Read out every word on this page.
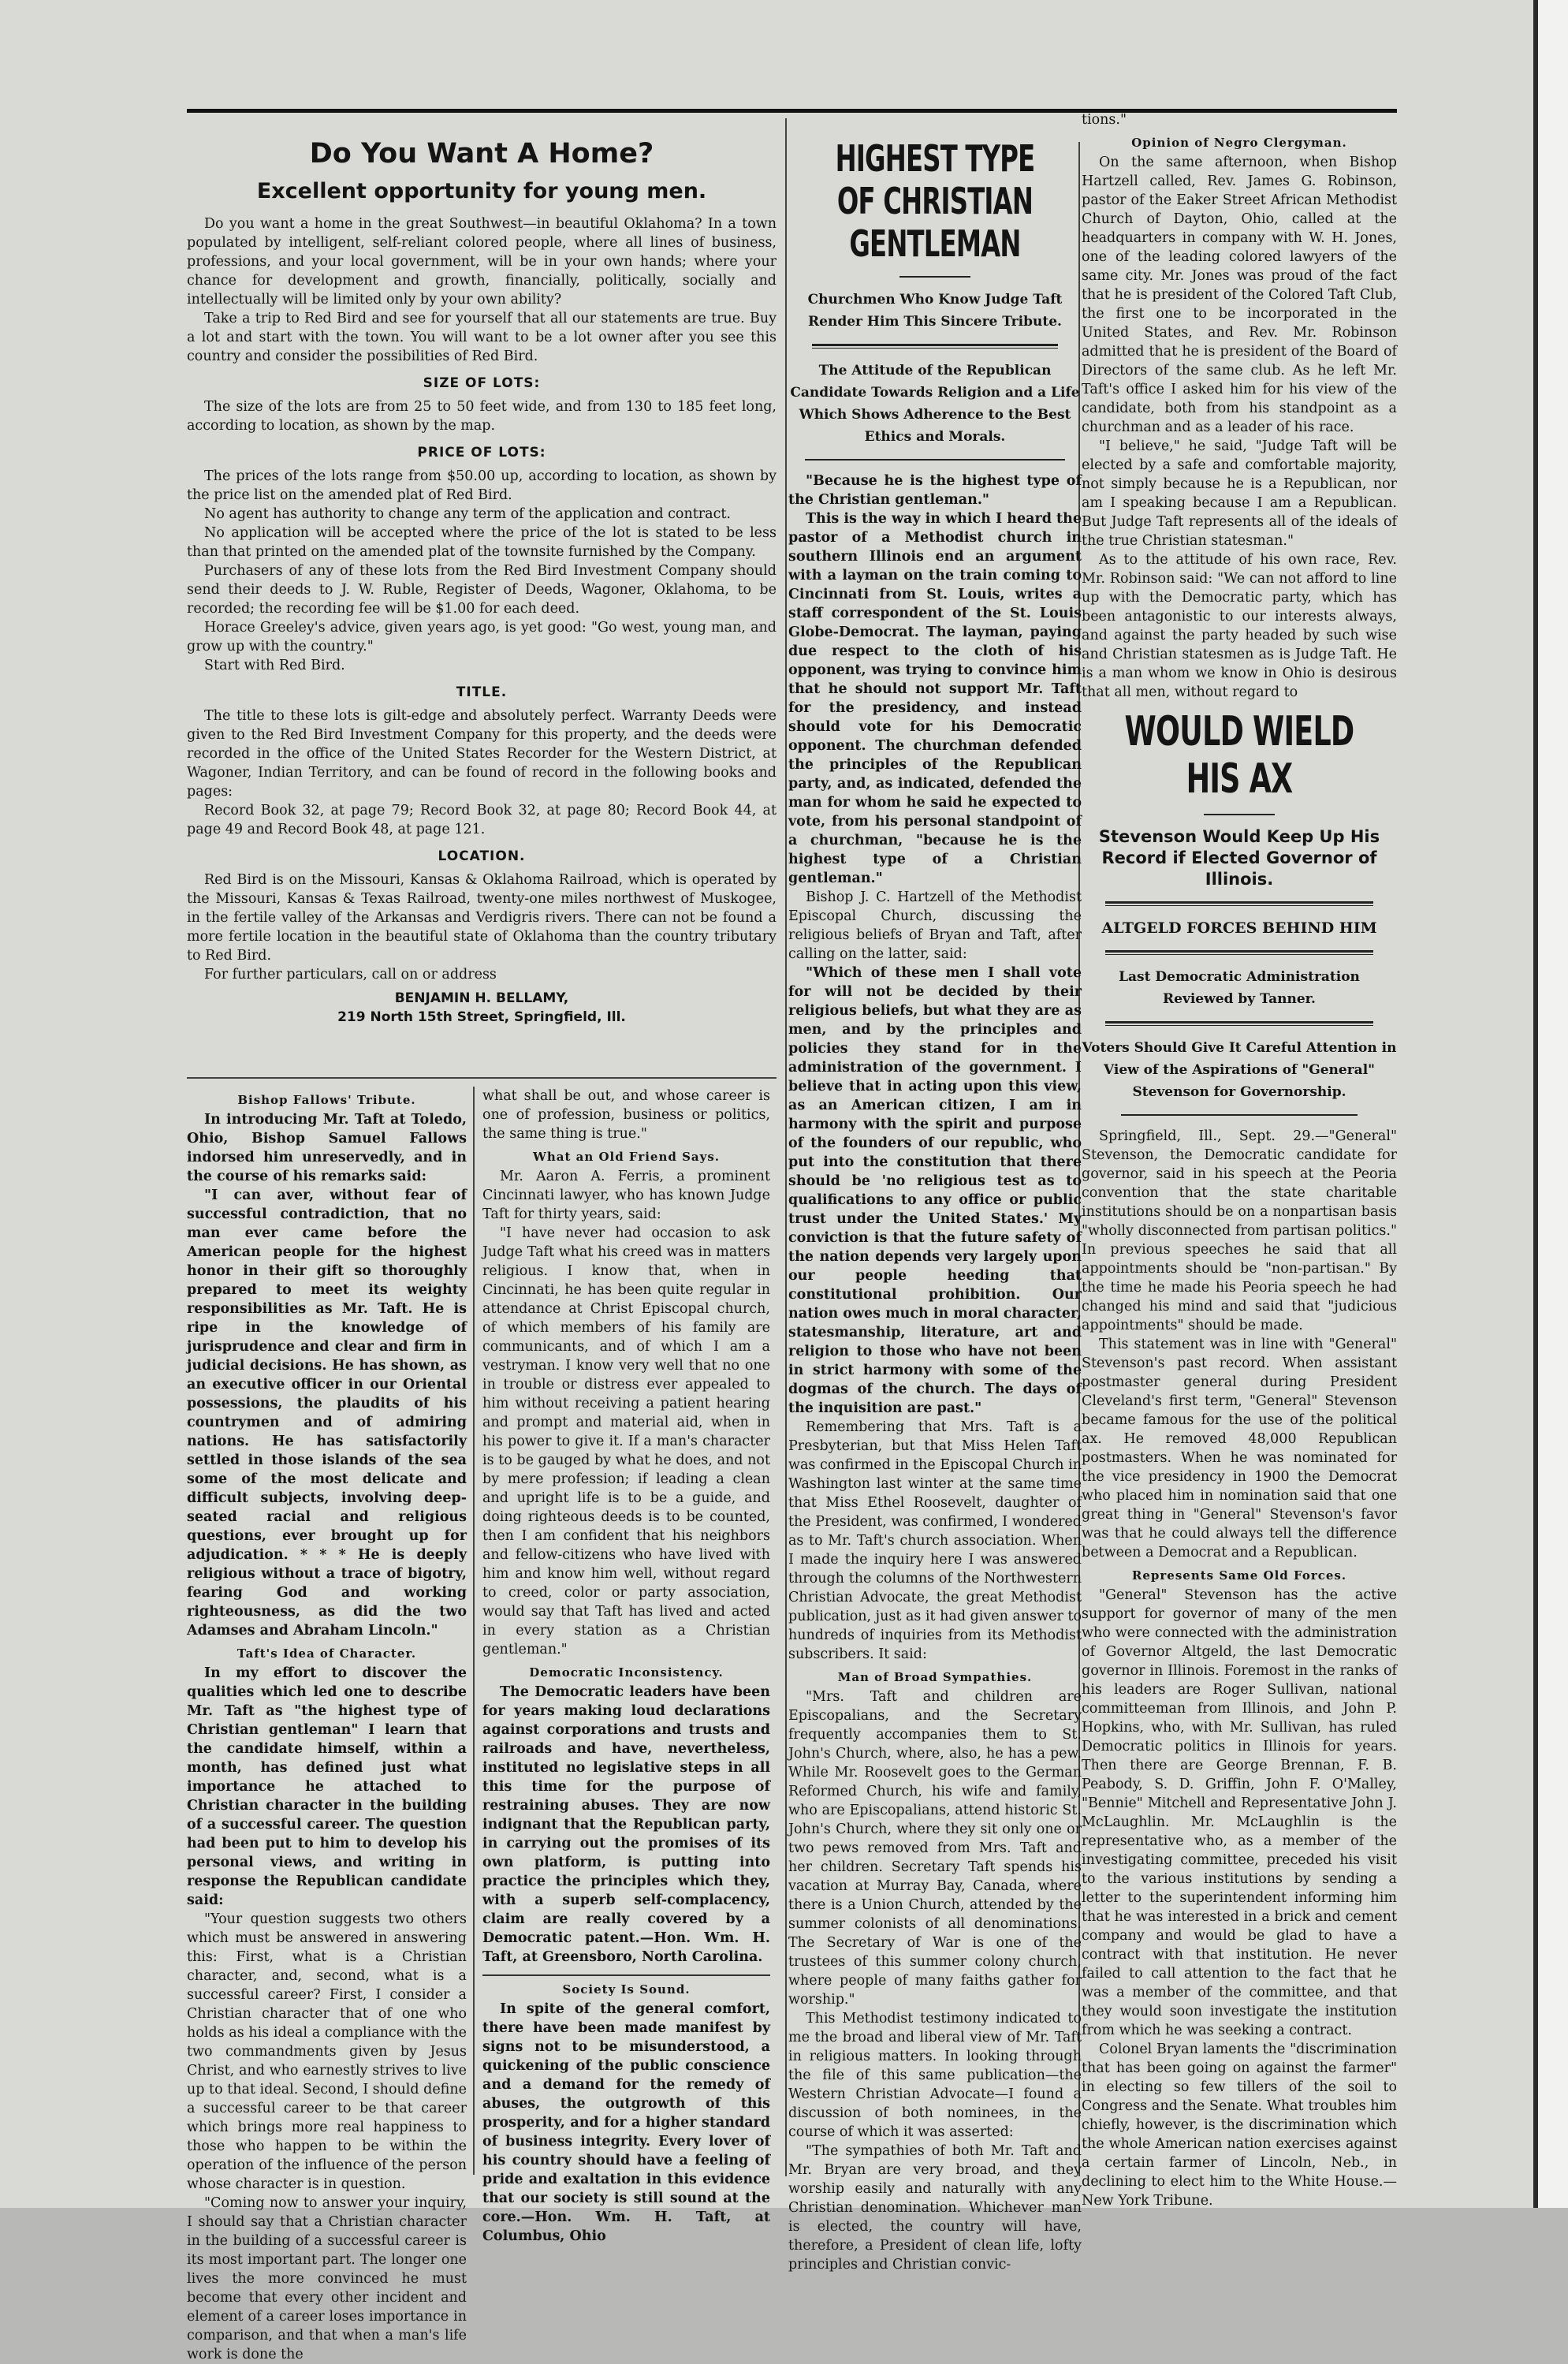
Do You Want A Home?
Excellent opportunity for young men.

Do you want a home in the great Southwest—in beautiful Oklahoma? In a town populated by intelligent, self-reliant colored people, where all lines of business, professions, and your local government, will be in your own hands; where your chance for development and growth, financially, politically, socially and intellectually will be limited only by your own ability?

Take a trip to Red Bird and see for yourself that all our statements are true. Buy a lot and start with the town. You will want to be a lot owner after you see this country and consider the possibilities of Red Bird.

SIZE OF LOTS:

The size of the lots are from 25 to 50 feet wide, and from 130 to 185 feet long, according to location, as shown by the map.

PRICE OF LOTS:

The prices of the lots range from $50.00 up, according to location, as shown by the price list on the amended plat of Red Bird.

No agent has authority to change any term of the application and contract.

No application will be accepted where the price of the lot is stated to be less than that printed on the amended plat of the townsite furnished by the Company.

Purchasers of any of these lots from the Red Bird Investment Company should send their deeds to J. W. Ruble, Register of Deeds, Wagoner, Oklahoma, to be recorded; the recording fee will be $1.00 for each deed.

Horace Greeley's advice, given years ago, is yet good: "Go west, young man, and grow up with the country."

Start with Red Bird.

TITLE.

The title to these lots is gilt-edge and absolutely perfect. Warranty Deeds were given to the Red Bird Investment Company for this property, and the deeds were recorded in the office of the United States Recorder for the Western District, at Wagoner, Indian Territory, and can be found of record in the following books and pages:

Record Book 32, at page 79; Record Book 32, at page 80; Record Book 44, at page 49 and Record Book 48, at page 121.

LOCATION.

Red Bird is on the Missouri, Kansas & Oklahoma Railroad, which is operated by the Missouri, Kansas & Texas Railroad, twenty-one miles northwest of Muskogee, in the fertile valley of the Arkansas and Verdigris rivers. There can not be found a more fertile location in the beautiful state of Oklahoma than the country tributary to Red Bird.

For further particulars, call on or address

BENJAMIN H. BELLAMY,
219 North 15th Street, Springfield, Ill.
Bishop Fallows' Tribute.

In introducing Mr. Taft at Toledo, Ohio, Bishop Samuel Fallows indorsed him unreservedly, and in the course of his remarks said:

"I can aver, without fear of successful contradiction, that no man ever came before the American people for the highest honor in their gift so thoroughly prepared to meet its weighty responsibilities as Mr. Taft. He is ripe in the knowledge of jurisprudence and clear and firm in judicial decisions. He has shown, as an executive officer in our Oriental possessions, the plaudits of his countrymen and of admiring nations. He has satisfactorily settled in those islands of the sea some of the most delicate and difficult subjects, involving deep-seated racial and religious questions, ever brought up for adjudication. * * * He is deeply religious without a trace of bigotry, fearing God and working righteousness, as did the two Adamses and Abraham Lincoln."

Taft's Idea of Character.

In my effort to discover the qualities which led one to describe Mr. Taft as "the highest type of Christian gentleman" I learn that the candidate himself, within a month, has defined just what importance he attached to Christian character in the building of a successful career. The question had been put to him to develop his personal views, and writing in response the Republican candidate said:

"Your question suggests two others which must be answered in answering this: First, what is a Christian character, and, second, what is a successful career? First, I consider a Christian character that of one who holds as his ideal a compliance with the two commandments given by Jesus Christ, and who earnestly strives to live up to that ideal. Second, I should define a successful career to be that career which brings more real happiness to those who happen to be within the operation of the influence of the person whose character is in question.

"Coming now to answer your inquiry, I should say that a Christian character in the building of a successful career is its most important part. The longer one lives the more convinced he must become that every other incident and element of a career loses importance in comparison, and that when a man's life work is done the

what shall be out, and whose career is one of profession, business or politics, the same thing is true."

What an Old Friend Says.

Mr. Aaron A. Ferris, a prominent Cincinnati lawyer, who has known Judge Taft for thirty years, said:

"I have never had occasion to ask Judge Taft what his creed was in matters religious. I know that, when in Cincinnati, he has been quite regular in attendance at Christ Episcopal church, of which members of his family are communicants, and of which I am a vestryman. I know very well that no one in trouble or distress ever appealed to him without receiving a patient hearing and prompt and material aid, when in his power to give it. If a man's character is to be gauged by what he does, and not by mere profession; if leading a clean and upright life is to be a guide, and doing righteous deeds is to be counted, then I am confident that his neighbors and fellow-citizens who have lived with him and know him well, without regard to creed, color or party association, would say that Taft has lived and acted in every station as a Christian gentleman."

Democratic Inconsistency.

The Democratic leaders have been for years making loud declarations against corporations and trusts and railroads and have, nevertheless, instituted no legislative steps in all this time for the purpose of restraining abuses. They are now indignant that the Republican party, in carrying out the promises of its own platform, is putting into practice the principles which they, with a superb self-complacency, claim are really covered by a Democratic patent.—Hon. Wm. H. Taft, at Greensboro, North Carolina.

Society Is Sound.

In spite of the general comfort, there have been made manifest by signs not to be misunderstood, a quickening of the public conscience and a demand for the remedy of abuses, the outgrowth of this prosperity, and for a higher standard of business integrity. Every lover of his country should have a feeling of pride and exaltation in this evidence that our society is still sound at the core.—Hon. Wm. H. Taft, at Columbus, Ohio

HIGHEST TYPE OF CHRISTIAN GENTLEMAN
Churchmen Who Know Judge Taft Render Him This Sincere Tribute.
The Attitude of the Republican Candidate Towards Religion and a Life Which Shows Adherence to the Best Ethics and Morals.

"Because he is the highest type of the Christian gentleman."

This is the way in which I heard the pastor of a Methodist church in southern Illinois end an argument with a layman on the train coming to Cincinnati from St. Louis, writes a staff correspondent of the St. Louis Globe-Democrat. The layman, paying due respect to the cloth of his opponent, was trying to convince him that he should not support Mr. Taft for the presidency, and instead should vote for his Democratic opponent. The churchman defended the principles of the Republican party, and, as indicated, defended the man for whom he said he expected to vote, from his personal standpoint of a churchman, "because he is the highest type of a Christian gentleman."

Bishop J. C. Hartzell of the Methodist Episcopal Church, discussing the religious beliefs of Bryan and Taft, after calling on the latter, said:

"Which of these men I shall vote for will not be decided by their religious beliefs, but what they are as men, and by the principles and policies they stand for in the administration of the government. I believe that in acting upon this view, as an American citizen, I am in harmony with the spirit and purpose of the founders of our republic, who put into the constitution that there should be 'no religious test as to qualifications to any office or public trust under the United States.' My conviction is that the future safety of the nation depends very largely upon our people heeding that constitutional prohibition. Our nation owes much in moral character, statesmanship, literature, art and religion to those who have not been in strict harmony with some of the dogmas of the church. The days of the inquisition are past."

Remembering that Mrs. Taft is a Presbyterian, but that Miss Helen Taft was confirmed in the Episcopal Church in Washington last winter at the same time that Miss Ethel Roosevelt, daughter of the President, was confirmed, I wondered as to Mr. Taft's church association. When I made the inquiry here I was answered through the columns of the Northwestern Christian Advocate, the great Methodist publication, just as it had given answer to hundreds of inquiries from its Methodist subscribers. It said:

Man of Broad Sympathies.

"Mrs. Taft and children are Episcopalians, and the Secretary frequently accompanies them to St. John's Church, where, also, he has a pew. While Mr. Roosevelt goes to the German Reformed Church, his wife and family, who are Episcopalians, attend historic St. John's Church, where they sit only one or two pews removed from Mrs. Taft and her children. Secretary Taft spends his vacation at Murray Bay, Canada, where there is a Union Church, attended by the summer colonists of all denominations. The Secretary of War is one of the trustees of this summer colony church, where people of many faiths gather for worship."

This Methodist testimony indicated to me the broad and liberal view of Mr. Taft in religious matters. In looking through the file of this same publication—the Western Christian Advocate—I found a discussion of both nominees, in the course of which it was asserted:

"The sympathies of both Mr. Taft and Mr. Bryan are very broad, and they worship easily and naturally with any Christian denomination. Whichever man is elected, the country will have, therefore, a President of clean life, lofty principles and Christian convic-

tions."

Opinion of Negro Clergyman.

On the same afternoon, when Bishop Hartzell called, Rev. James G. Robinson, pastor of the Eaker Street African Methodist Church of Dayton, Ohio, called at the headquarters in company with W. H. Jones, one of the leading colored lawyers of the same city. Mr. Jones was proud of the fact that he is president of the Colored Taft Club, the first one to be incorporated in the United States, and Rev. Mr. Robinson admitted that he is president of the Board of Directors of the same club. As he left Mr. Taft's office I asked him for his view of the candidate, both from his standpoint as a churchman and as a leader of his race.

"I believe," he said, "Judge Taft will be elected by a safe and comfortable majority, not simply because he is a Republican, nor am I speaking because I am a Republican. But Judge Taft represents all of the ideals of the true Christian statesman."

As to the attitude of his own race, Rev. Mr. Robinson said: "We can not afford to line up with the Democratic party, which has been antagonistic to our interests always, and against the party headed by such wise and Christian statesmen as is Judge Taft. He is a man whom we know in Ohio is desirous that all men, without regard to

WOULD WIELD HIS AX
Stevenson Would Keep Up His Record if Elected Governor of Illinois.
ALTGELD FORCES BEHIND HIM
Last Democratic Administration Reviewed by Tanner.
Voters Should Give It Careful Attention in View of the Aspirations of "General" Stevenson for Governorship.

Springfield, Ill., Sept. 29.—"General" Stevenson, the Democratic candidate for governor, said in his speech at the Peoria convention that the state charitable institutions should be on a nonpartisan basis "wholly disconnected from partisan politics." In previous speeches he said that all appointments should be "non-partisan." By the time he made his Peoria speech he had changed his mind and said that "judicious appointments" should be made.

This statement was in line with "General" Stevenson's past record. When assistant postmaster general during President Cleveland's first term, "General" Stevenson became famous for the use of the political ax. He removed 48,000 Republican postmasters. When he was nominated for the vice presidency in 1900 the Democrat who placed him in nomination said that one great thing in "General" Stevenson's favor was that he could always tell the difference between a Democrat and a Republican.

Represents Same Old Forces.

"General" Stevenson has the active support for governor of many of the men who were connected with the administration of Governor Altgeld, the last Democratic governor in Illinois. Foremost in the ranks of his leaders are Roger Sullivan, national committeeman from Illinois, and John P. Hopkins, who, with Mr. Sullivan, has ruled Democratic politics in Illinois for years. Then there are George Brennan, F. B. Peabody, S. D. Griffin, John F. O'Malley, "Bennie" Mitchell and Representative John J. McLaughlin. Mr. McLaughlin is the representative who, as a member of the investigating committee, preceded his visit to the various institutions by sending a letter to the superintendent informing him that he was interested in a brick and cement company and would be glad to have a contract with that institution. He never failed to call attention to the fact that he was a member of the committee, and that they would soon investigate the institution from which he was seeking a contract.

Colonel Bryan laments the "discrimination that has been going on against the farmer" in electing so few tillers of the soil to Congress and the Senate. What troubles him chiefly, however, is the discrimination which the whole American nation exercises against a certain farmer of Lincoln, Neb., in declining to elect him to the White House.—New York Tribune.
